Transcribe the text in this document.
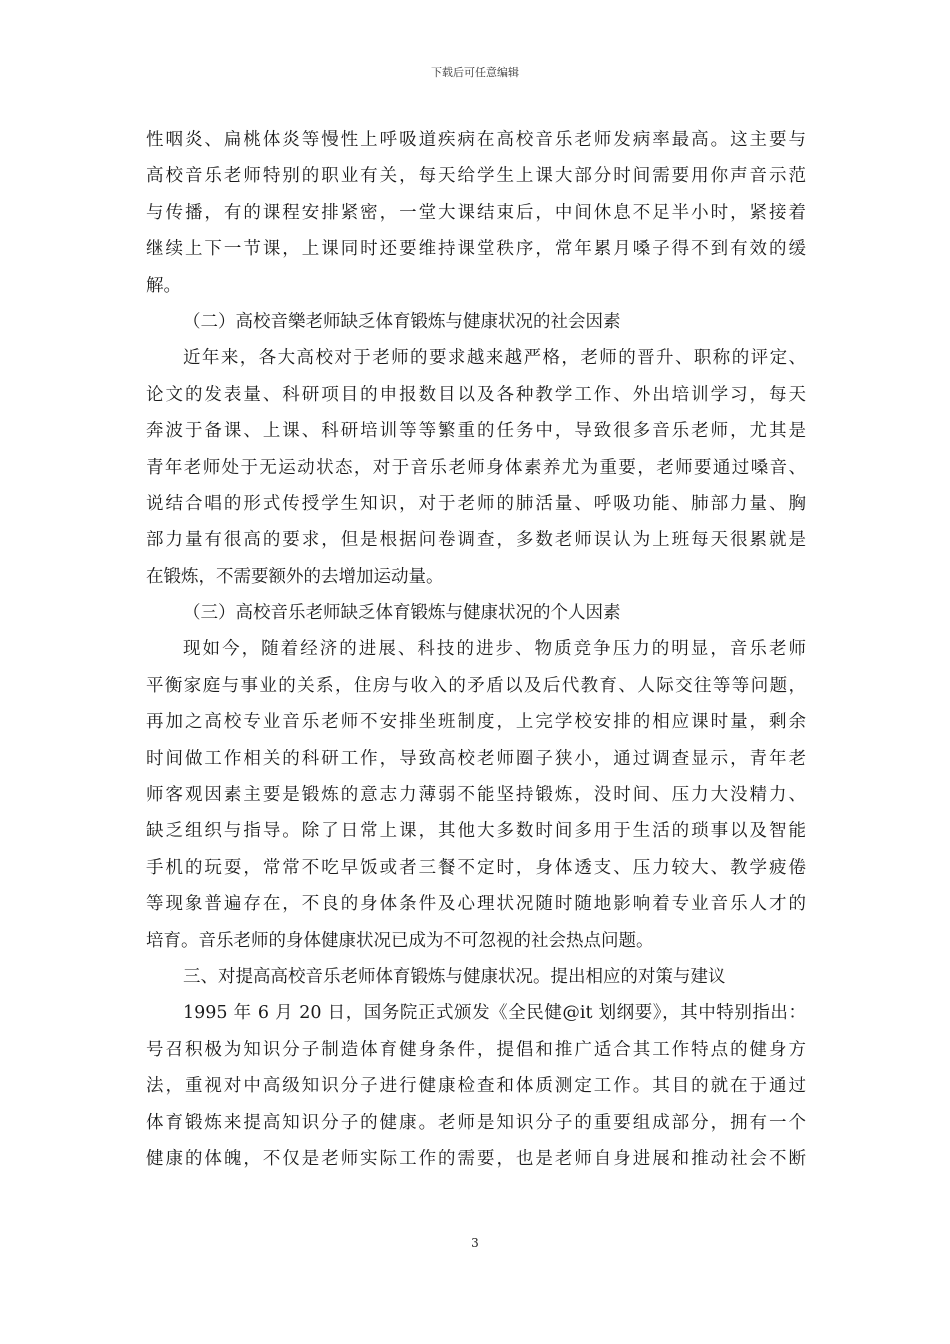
下载后可任意编辑
性咽炎、扁桃体炎等慢性上呼吸道疾病在高校音乐老师发病率最高。这主要与
高校音乐老师特别的职业有关，每天给学生上课大部分时间需要用你声音示范
与传播，有的课程安排紧密，一堂大课结束后，中间休息不足半小时，紧接着
继续上下一节课，上课同时还要维持课堂秩序，常年累月嗓子得不到有效的缓
解。
（二）高校音樂老师缺乏体育锻炼与健康状况的社会因素
近年来，各大高校对于老师的要求越来越严格，老师的晋升、职称的评定、
论文的发表量、科研项目的申报数目以及各种教学工作、外出培训学习，每天
奔波于备课、上课、科研培训等等繁重的任务中，导致很多音乐老师，尤其是
青年老师处于无运动状态，对于音乐老师身体素养尤为重要，老师要通过嗓音、
说结合唱的形式传授学生知识，对于老师的肺活量、呼吸功能、肺部力量、胸
部力量有很高的要求，但是根据问卷调查，多数老师误认为上班每天很累就是
在锻炼，不需要额外的去增加运动量。
（三）高校音乐老师缺乏体育锻炼与健康状况的个人因素
现如今，随着经济的进展、科技的进步、物质竞争压力的明显，音乐老师
平衡家庭与事业的关系，住房与收入的矛盾以及后代教育、人际交往等等问题，
再加之高校专业音乐老师不安排坐班制度，上完学校安排的相应课时量，剩余
时间做工作相关的科研工作，导致高校老师圈子狭小，通过调查显示，青年老
师客观因素主要是锻炼的意志力薄弱不能坚持锻炼，没时间、压力大没精力、
缺乏组织与指导。除了日常上课，其他大多数时间多用于生活的琐事以及智能
手机的玩耍，常常不吃早饭或者三餐不定时，身体透支、压力较大、教学疲倦
等现象普遍存在，不良的身体条件及心理状况随时随地影响着专业音乐人才的
培育。音乐老师的身体健康状况已成为不可忽视的社会热点问题。
三、对提高高校音乐老师体育锻炼与健康状况。提出相应的对策与建议
1995 年 6 月 20 日，国务院正式颁发《全民健@it 划纲要》，其中特别指出：
号召积极为知识分子制造体育健身条件，提倡和推广适合其工作特点的健身方
法，重视对中高级知识分子进行健康检查和体质测定工作。其目的就在于通过
体育锻炼来提高知识分子的健康。老师是知识分子的重要组成部分，拥有一个
健康的体魄，不仅是老师实际工作的需要，也是老师自身进展和推动社会不断
3
